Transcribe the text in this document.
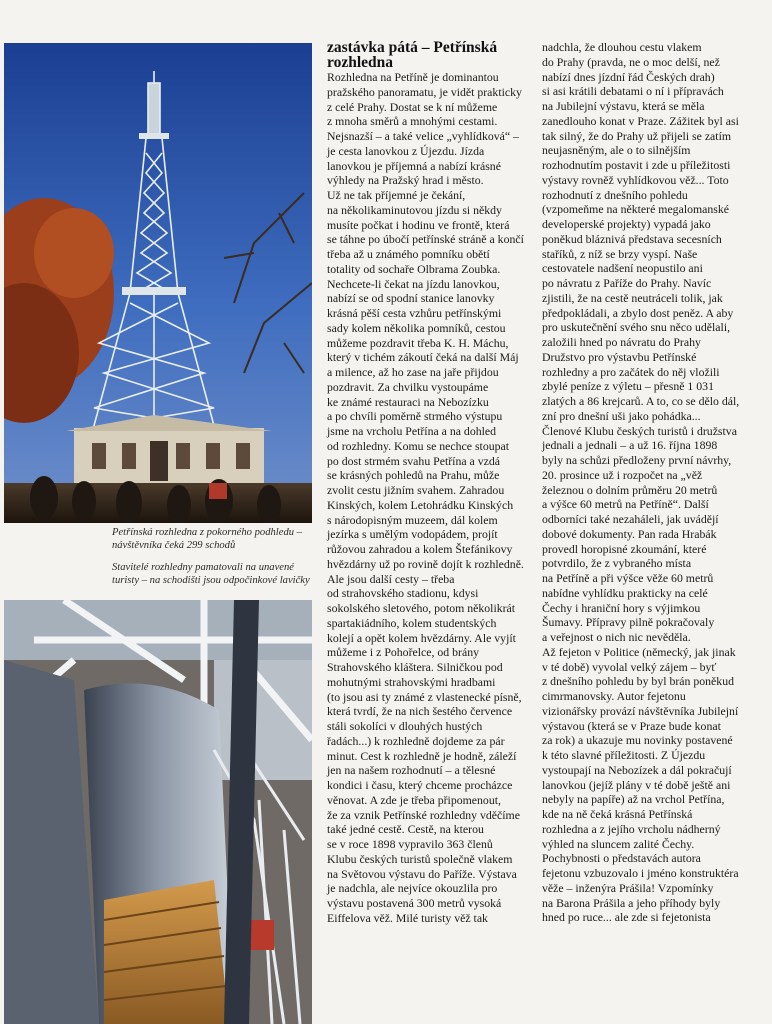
Petřínská rozhledna z pokorného podhledu – návštěvníka čeká 299 schodů
Stavitelé rozhledny pamatovali na unavené turisty – na schodišti jsou odpočinkové lavičky
zastávka pátá – Petřínská
rozhledna

Rozhledna na Petříně je dominantou

pražského panoramatu, je vidět prakticky

z celé Prahy. Dostat se k ní můžeme

z mnoha směrů a mnohými cestami.

Nejsnazší – a také velice „vyhlídková“ –

je cesta lanovkou z Újezdu. Jízda

lanovkou je příjemná a nabízí krásné

výhledy na Pražský hrad i město.

Už ne tak příjemné je čekání,

na několikaminutovou jízdu si někdy

musíte počkat i hodinu ve frontě, která

se táhne po úbočí petřínské stráně a končí

třeba až u známého pomníku obětí

totality od sochaře Olbrama Zoubka.

Nechcete-li čekat na jízdu lanovkou,

nabízí se od spodní stanice lanovky

krásná pěší cesta vzhůru petřínskými

sady kolem několika pomníků, cestou

můžeme pozdravit třeba K. H. Máchu,

který v tichém zákoutí čeká na další Máj

a milence, až ho zase na jaře přijdou

pozdravit. Za chvilku vystoupáme

ke známé restauraci na Nebozízku

a po chvíli poměrně strmého výstupu

jsme na vrcholu Petřína a na dohled

od rozhledny. Komu se nechce stoupat

po dost strmém svahu Petřína a vzdá

se krásných pohledů na Prahu, může

zvolit cestu jižním svahem. Zahradou

Kinských, kolem Letohrádku Kinských

s národopisným muzeem, dál kolem

jezírka s umělým vodopádem, projít

růžovou zahradou a kolem Štefánikovy

hvězdárny už po rovině dojít k rozhledně.

Ale jsou další cesty – třeba

od strahovského stadionu, kdysi

sokolského sletového, potom několikrát

spartakiádního, kolem studentských

kolejí a opět kolem hvězdárny. Ale vyjít

můžeme i z Pohořelce, od brány

Strahovského kláštera. Silničkou pod

mohutnými strahovskými hradbami

(to jsou asi ty známé z vlastenecké písně,

která tvrdí, že na nich šestého července

stáli sokolíci v dlouhých hustých

řadách...) k rozhledně dojdeme za pár

minut. Cest k rozhledně je hodně, záleží

jen na našem rozhodnutí – a tělesné

kondici i času, který chceme procházce

věnovat. A zde je třeba připomenout,

že za vznik Petřínské rozhledny vděčíme

také jedné cestě. Cestě, na kterou

se v roce 1898 vypravilo 363 členů

Klubu českých turistů společně vlakem

na Světovou výstavu do Paříže. Výstava

je nadchla, ale nejvíce okouzlila pro

výstavu postavená 300 metrů vysoká

Eiffelova věž. Milé turisty věž tak

nadchla, že dlouhou cestu vlakem

do Prahy (pravda, ne o moc delší, než

nabízí dnes jízdní řád Českých drah)

si asi krátili debatami o ní i přípravách

na Jubilejní výstavu, která se měla

zanedlouho konat v Praze. Zážitek byl asi

tak silný, že do Prahy už přijeli se zatím

neujasněným, ale o to silnějším

rozhodnutím postavit i zde u příležitosti

výstavy rovněž vyhlídkovou věž... Toto

rozhodnutí z dnešního pohledu

(vzpomeňme na některé megalomanské

developerské projekty) vypadá jako

poněkud bláznivá představa secesních

staříků, z níž se brzy vyspí. Naše

cestovatele nadšení neopustilo ani

po návratu z Paříže do Prahy. Navíc

zjistili, že na cestě neutráceli tolik, jak

předpokládali, a zbylo dost peněz. A aby

pro uskutečnění svého snu něco udělali,

založili hned po návratu do Prahy

Družstvo pro výstavbu Petřínské

rozhledny a pro začátek do něj vložili

zbylé peníze z výletu – přesně 1 031

zlatých a 86 krejcarů. A to, co se dělo dál,

zní pro dnešní uši jako pohádka...

Členové Klubu českých turistů i družstva

jednali a jednali – a už 16. října 1898

byly na schůzi předloženy první návrhy,

20. prosince už i rozpočet na „věž

železnou o dolním průměru 20 metrů

a výšce 60 metrů na Petříně“. Další

odborníci také nezaháleli, jak uvádějí

dobové dokumenty. Pan rada Hrabák

provedl horopisné zkoumání, které

potvrdilo, že z vybraného místa

na Petříně a při výšce věže 60 metrů

nabídne vyhlídku prakticky na celé

Čechy i hraniční hory s výjimkou

Šumavy. Přípravy pilně pokračovaly

a veřejnost o nich nic nevěděla.

Až fejeton v Politice (německý, jak jinak

v té době) vyvolal velký zájem – byť

z dnešního pohledu by byl brán poněkud

cimrmanovsky. Autor fejetonu

vizionářsky provází návštěvníka Jubilejní

výstavou (která se v Praze bude konat

za rok) a ukazuje mu novinky postavené

k této slavné příležitosti. Z Újezdu

vystoupají na Nebozízek a dál pokračují

lanovkou (jejíž plány v té době ještě ani

nebyly na papíře) až na vrchol Petřína,

kde na ně čeká krásná Petřínská

rozhledna a z jejího vrcholu nádherný

výhled na sluncem zalité Čechy.

Pochybnosti o představách autora

fejetonu vzbuzovalo i jméno konstruktéra

věže – inženýra Prášila! Vzpomínky

na Barona Prášila a jeho příhody byly

hned po ruce... ale zde si fejetonista
